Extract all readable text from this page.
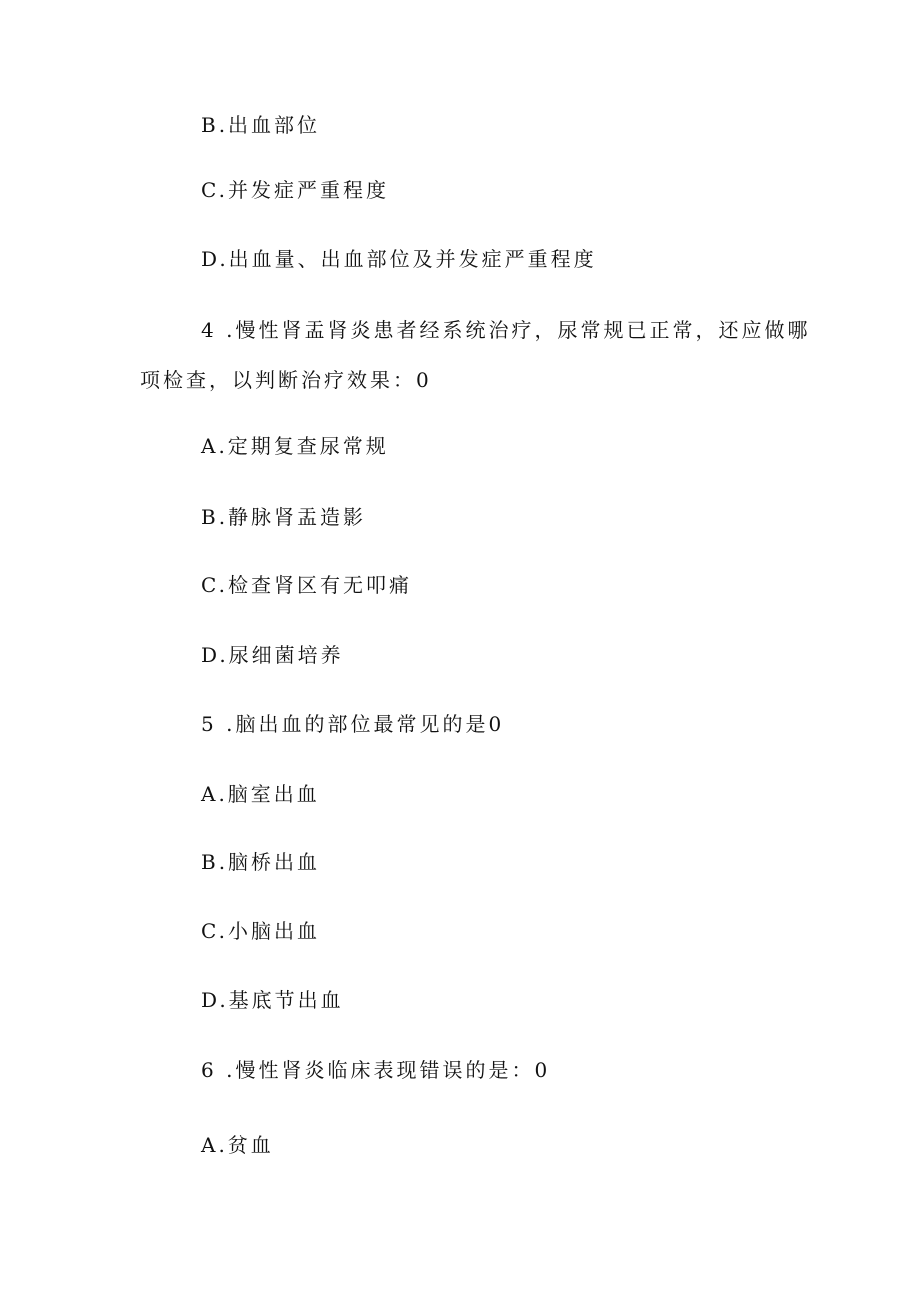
B.出血部位
C.并发症严重程度
D.出血量、出血部位及并发症严重程度
4 .慢性肾盂肾炎患者经系统治疗，尿常规已正常，还应做哪
项检查，以判断治疗效果：0
A.定期复查尿常规
B.静脉肾盂造影
C.检查肾区有无叩痛
D.尿细菌培养
5 .脑出血的部位最常见的是0
A.脑室出血
B.脑桥出血
C.小脑出血
D.基底节出血
6 .慢性肾炎临床表现错误的是：0
A.贫血
